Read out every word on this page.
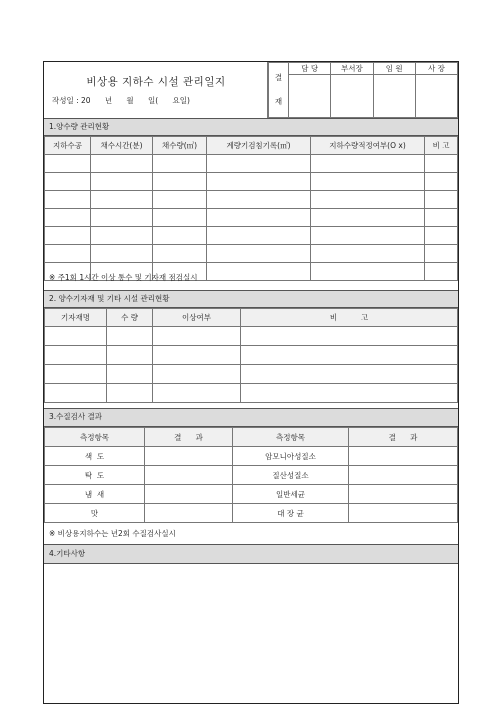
비상용 지하수 시설 관리일지
작성일 : 20      년      월      일(      요일)
결
재	담 당	부서장	임 원	사 장

1.양수량 관리현황
지하수공	채수시간(분)	채수량(㎥)	계량기검침기록(㎥)	지하수량적정여부(O x)	비 고

※ 주1회 1시간 이상 통수 및 기자재 점검실시
2. 양수기자재 및 기타 시설 관리현황
기자재명	수 량	이상여부	비          고

3.수질검사 결과
측정항목	결      과	측정항목	결      과
색  도		암모니아성질소	
탁  도		질산성질소	
냄  새		일반세균	
맛		대 장 균	
※ 비상용지하수는 년2회 수질검사실시
4.기타사항
